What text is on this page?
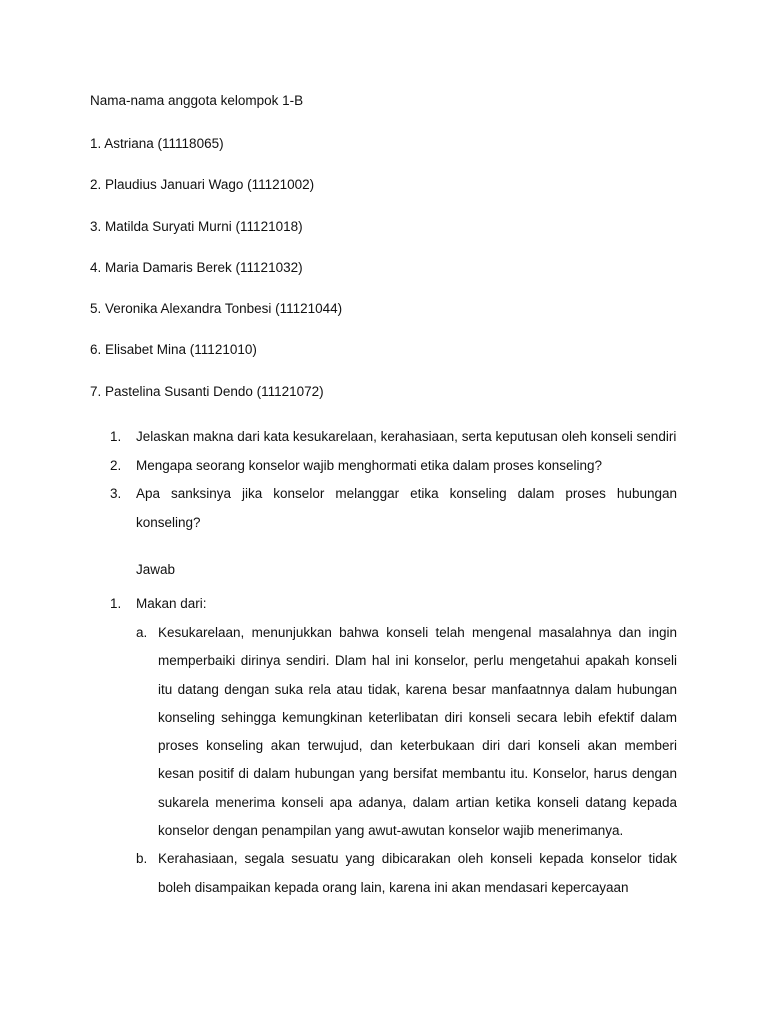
Nama-nama anggota kelompok 1-B
1. Astriana (11118065)
2. Plaudius Januari Wago (11121002)
3. Matilda Suryati Murni (11121018)
4. Maria Damaris Berek (11121032)
5. Veronika Alexandra Tonbesi (11121044)
6. Elisabet Mina (11121010)
7. Pastelina Susanti Dendo (11121072)
1. Jelaskan makna dari kata kesukarelaan, kerahasiaan, serta keputusan oleh konseli sendiri
2. Mengapa seorang konselor wajib menghormati etika dalam proses konseling?
3. Apa sanksinya jika konselor melanggar etika konseling dalam proses hubungan konseling?
Jawab
1. Makan dari:
a. Kesukarelaan, menunjukkan bahwa konseli telah mengenal masalahnya dan ingin memperbaiki dirinya sendiri. Dlam hal ini konselor, perlu mengetahui apakah konseli itu datang dengan suka rela atau tidak, karena besar manfaatnnya dalam hubungan konseling sehingga kemungkinan keterlibatan diri konseli secara lebih efektif dalam proses konseling akan terwujud, dan keterbukaan diri dari konseli akan memberi kesan positif di dalam hubungan yang bersifat membantu itu. Konselor, harus dengan sukarela menerima konseli apa adanya, dalam artian ketika konseli datang kepada konselor dengan penampilan yang awut-awutan konselor wajib menerimanya.
b. Kerahasiaan, segala sesuatu yang dibicarakan oleh konseli kepada konselor tidak boleh disampaikan kepada orang lain, karena ini akan mendasari kepercayaan
